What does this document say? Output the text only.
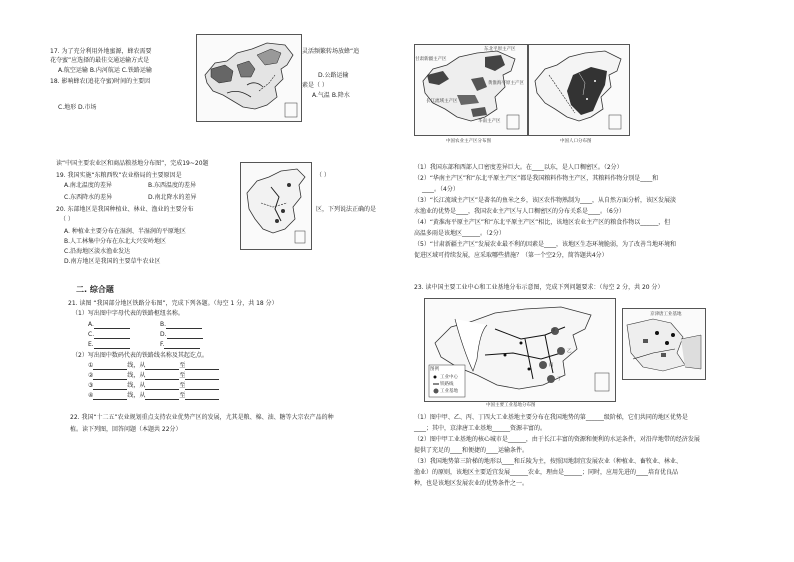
17. 为了充分利用外地蜜源，蜂农需要
花夺蜜”应选择的最佳交通运输方式是
A.航空运输 B.内河航运 C.铁路运输
18. 影响蜂农(追花夺蜜)时间的主要因
C.地形 D.市场
灵活频繁转场放蜂“追
D.公路运输
素是（ ）
A.气温 B.降水
读“中国主要农业区和商品粮基地分布图”，完成19~20题
19. 我国实施“东粮西牧”农业格局的主要原因是	（ ）
A.南北温度的差异	B.东西温度的差异
C.东西降水的差异	D.南北降水的差异
20. 东部地区是我国种植业、林业、渔业的主要分布	区，下列说法正确的是
（ ）
A. 种植业主要分布在湿润、半湿润的平原地区
B.人工林集中分布在东北大兴安岭地区
C.沿海地区淡水渔业发达
D.南方地区是我国的主要草牛农业区
二. 综合题
21. 读图 “我国部分地区铁路分布图”，完成下列各题。（每空 1 分，共 18 分）
（1）写出图中字母代表的铁路枢纽名称。
A.	B.
C.	D.
E.	F.
（2）写出图中数码代表的铁路线名称及其起讫点。
①	线，从	至
②	线，从	至
③	线，从	至
④	线，从	至
22. 我国“十二五”农业规划重点支持农业优势产区的发展，尤其是粮、棉、油、糖等大宗农产品的种
植。读下列图，回答问题（本题共 22分）
甘肃新疆主产区
东北平原主产区
黄淮海平原主产区
长江流域主产区
华南主产区
中国农业主产区分布图	中国人口分布图
（1）我国东部和西部人口密度差异巨大。在____以东，是人口稠密区。（2分）
（2）“华南主产区”和“东北平原主产区”都是我国粮料作物主产区，其粮料作物分别是____和
____。（4分）
（3）“长江流域主产区”是著名的鱼米之乡，该区农作物熟制为____，从自然方面分析，该区发展淡
水渔业的优势是____，我国农业主产区与人口稠密区的分布关系是____。（6分）
（4）“黄淮海平原主产区”和“东北平原主产区”相比，该地区农业主产区的粮食作物以______，但
高温多雨是该地区______。（2分）
（5）“甘肃新疆主产区”发展农业最不利的因素是____，该地区生态环境脆弱，为了改善当地环境和
促进区域可持续发展，应采取哪些措施？（第一个空2分，简答题共4分）
23. 读中国主要工业中心和工业基地分布示意图，完成下列问题要求：（每空 2 分，共 20 分）
图例
工业中心
铁路线
工业基地
甲
乙
丙
丁
中国主要工业基地分布图
京津唐工业基地
（1）图中甲、乙、丙、丁四大工业基地主要分布在我国地势的第______级阶梯，它们共同的地区优势是
____；其中，京津唐工业基地______资源丰富的。
（2）图中甲工业基地的核心城市是______，由于长江丰富的资源和便利的水运条件，对沿岸地带的经济发展
提供了充足的____和便捷的____运输条件。
（3）我国地势第三阶梯的地形以____和丘陵为主，按照因地制宜发展农业（种植业、畜牧业、林业、
渔业）的原则，该地区主要适宜发展______农业，理由是______；同时，应用先进的____培育优良品
种，也是该地区发展农业的优势条件之一。
